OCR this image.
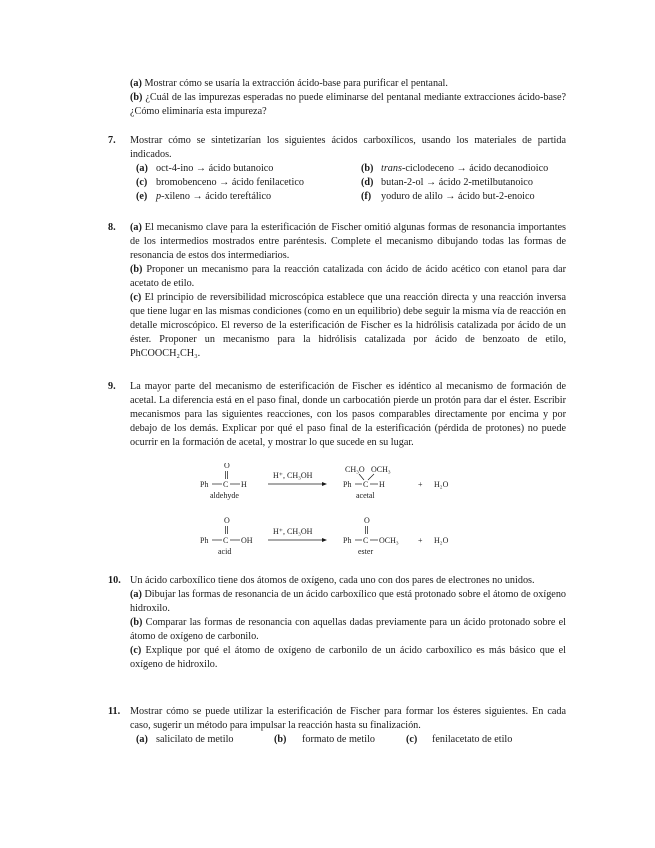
(a) Mostrar cómo se usaría la extracción ácido-base para purificar el pentanal.

(b) ¿Cuál de las impurezas esperadas no puede eliminarse del pentanal mediante extracciones ácido-base? ¿Cómo eliminaría esta impureza?

7. Mostrar cómo se sintetizarían los siguientes ácidos carboxílicos, usando los materiales de partida indicados.

(a) oct-4-ino → ácido butanoico	(b) trans-ciclodeceno → ácido decanodioico
(c) bromobenceno → ácido fenilacetico	(d) butan-2-ol → ácido 2-metilbutanoico
(e) p-xileno → ácido tereftálico	(f) yoduro de alilo → ácido but-2-enoico
8. (a) El mecanismo clave para la esterificación de Fischer omitió algunas formas de resonancia importantes de los intermedios mostrados entre paréntesis. Complete el mecanismo dibujando todas las formas de resonancia de estos dos intermediarios.

(b) Proponer un mecanismo para la reacción catalizada con ácido de ácido acético con etanol para dar acetato de etilo.

(c) El principio de reversibilidad microscópica establece que una reacción directa y una reacción inversa que tiene lugar en las mismas condiciones (como en un equilibrio) debe seguir la misma vía de reacción en detalle microscópico. El reverso de la esterificación de Fischer es la hidrólisis catalizada por ácido de un éster. Proponer un mecanismo para la hidrólisis catalizada por ácido de benzoato de etilo, PhCOOCH₂CH₃.

9. La mayor parte del mecanismo de esterificación de Fischer es idéntico al mecanismo de formación de acetal. La diferencia está en el paso final, donde un carbocatión pierde un protón para dar el éster. Escribir mecanismos para las siguientes reacciones, con los pasos comparables directamente por encima y por debajo de los demás. Explicar por qué el paso final de la esterificación (pérdida de protones) no puede ocurrir en la formación de acetal, y mostrar lo que sucede en su lugar.

O
Ph C H
aldehyde
H⁺, CH₃OH
CH₃O OCH₃
Ph C H
acetal
+ H₂O
O
Ph C OH
acid
H⁺, CH₃OH
O
Ph C OCH₃
ester
+ H₂O
10. Un ácido carboxílico tiene dos átomos de oxígeno, cada uno con dos pares de electrones no unidos.

(a) Dibujar las formas de resonancia de un ácido carboxílico que está protonado sobre el átomo de oxígeno hidroxilo.

(b) Comparar las formas de resonancia con aquellas dadas previamente para un ácido protonado sobre el átomo de oxígeno de carbonilo.

(c) Explique por qué el átomo de oxígeno de carbonilo de un ácido carboxílico es más básico que el oxígeno de hidroxilo.

11. Mostrar cómo se puede utilizar la esterificación de Fischer para formar los ésteres siguientes. En cada caso, sugerir un método para impulsar la reacción hasta su finalización.

(a) salicilato de metilo	(b)	formato de metilo	(c)	fenilacetato de etilo
